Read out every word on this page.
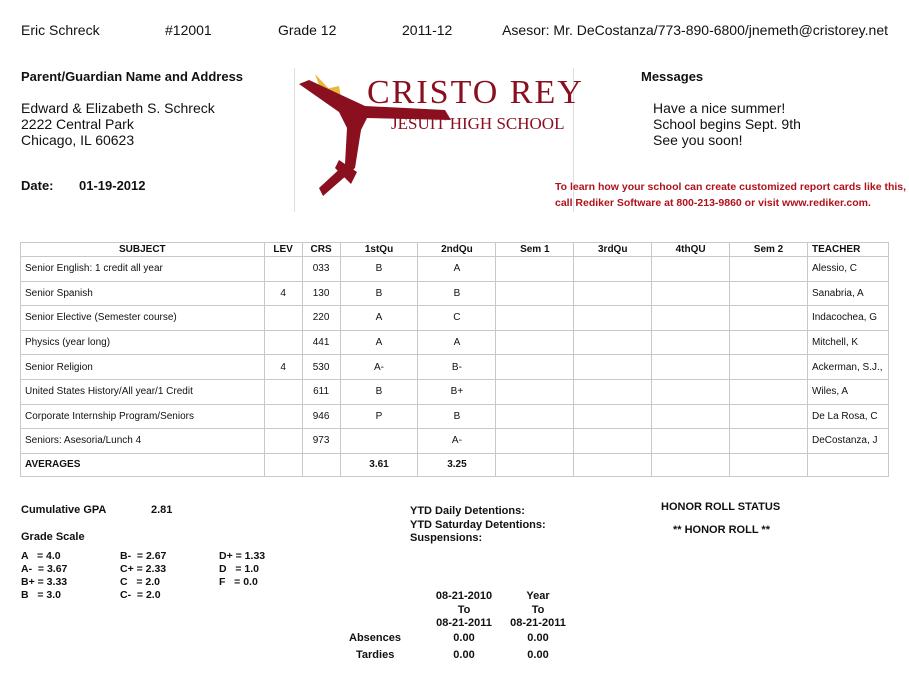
Eric Schreck	#12001	Grade 12	2011-12	Asesor: Mr. DeCostanza/773-890-6800/jnemeth@cristorey.net
Parent/Guardian Name and Address
Edward & Elizabeth S. Schreck
2222 Central Park
Chicago, IL 60623
Date: 01-19-2012
CRISTO REY
JESUIT HIGH SCHOOL
Messages
Have a nice summer!
School begins Sept. 9th
See you soon!
To learn how your school can create customized report cards like this,
call Rediker Software at 800-213-9860 or visit www.rediker.com.
SUBJECT	LEV	CRS	1stQu	2ndQu	Sem 1	3rdQu	4thQU	Sem 2	TEACHER
Senior English: 1 credit all year		033	B	A					Alessio, C
Senior Spanish	4	130	B	B					Sanabria, A
Senior Elective (Semester course)		220	A	C					Indacochea, G
Physics (year long)		441	A	A					Mitchell, K
Senior Religion	4	530	A-	B-					Ackerman, S.J.,
United States History/All year/1 Credit		611	B	B+					Wiles, A
Corporate Internship Program/Seniors		946	P	B					De La Rosa, C
Seniors: Asesoria/Lunch 4		973		A-					DeCostanza, J
AVERAGES			3.61	3.25					
Cumulative GPA	2.81
Grade Scale
A   = 4.0
A-  = 3.67
B+ = 3.33
B   = 3.0
B-  = 2.67
C+ = 2.33
C   = 2.0
C-  = 2.0
D+ = 1.33
D   = 1.0
F   = 0.0
YTD Daily Detentions:
YTD Saturday Detentions:
Suspensions:
HONOR ROLL STATUS
** HONOR ROLL **
08-21-2010
To
08-21-2011
Year
To
08-21-2011
Absences	0.00	0.00
Tardies	0.00	0.00
